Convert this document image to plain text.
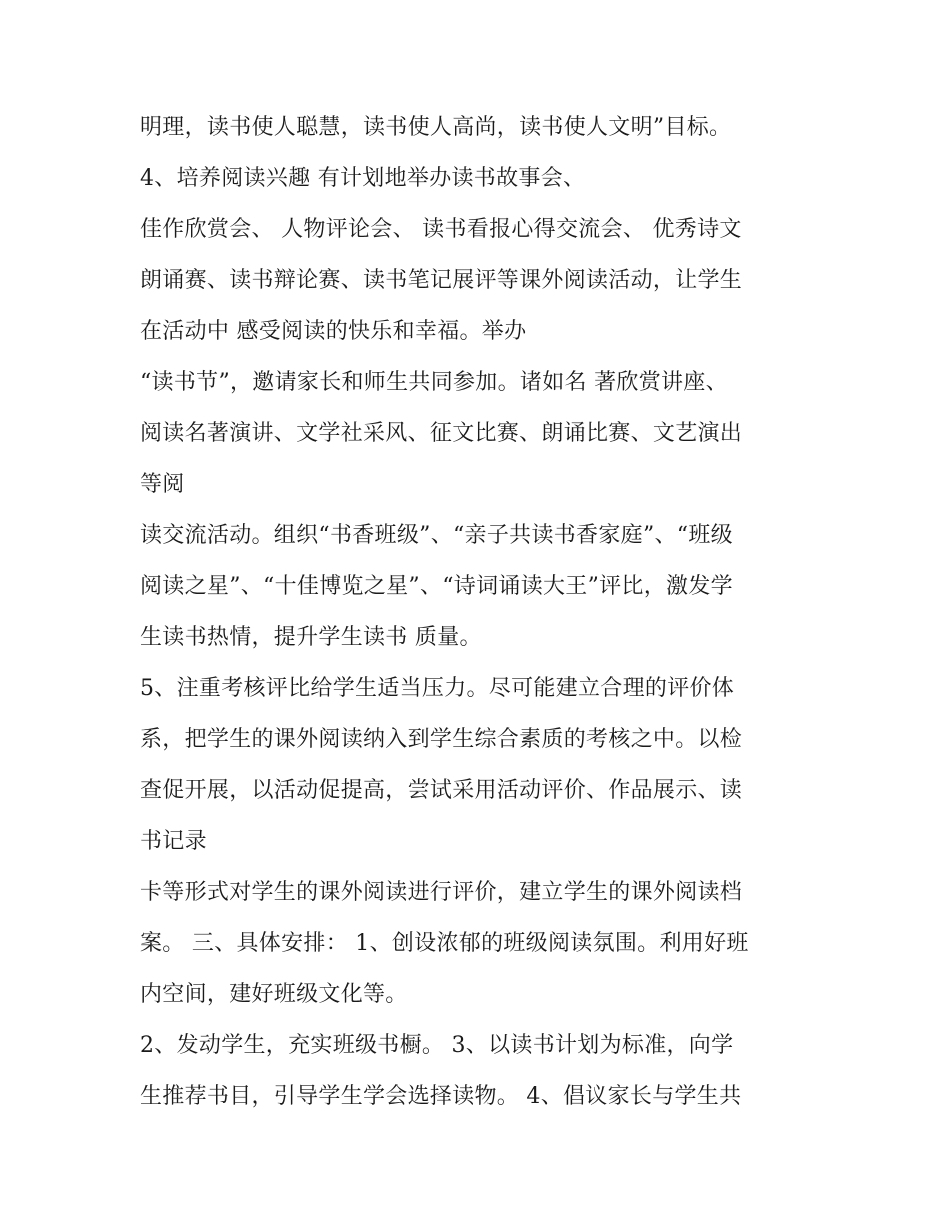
明理，读书使人聪慧，读书使人高尚，读书使人文明”目标。
4、培养阅读兴趣 有计划地举办读书故事会、
佳作欣赏会、 人物评论会、 读书看报心得交流会、 优秀诗文
朗诵赛、读书辩论赛、读书笔记展评等课外阅读活动，让学生
在活动中 感受阅读的快乐和幸福。举办
“读书节”，邀请家长和师生共同参加。诸如名 著欣赏讲座、
阅读名著演讲、文学社采风、征文比赛、朗诵比赛、文艺演出
等阅
读交流活动。组织“书香班级”、“亲子共读书香家庭”、“班级
阅读之星”、“十佳博览之星”、“诗词诵读大王”评比，激发学
生读书热情，提升学生读书 质量。
5、注重考核评比给学生适当压力。尽可能建立合理的评价体
系，把学生的课外阅读纳入到学生综合素质的考核之中。以检
查促开展，以活动促提高，尝试采用活动评价、作品展示、读
书记录
卡等形式对学生的课外阅读进行评价，建立学生的课外阅读档
案。 三、具体安排： 1、创设浓郁的班级阅读氛围。利用好班
内空间，建好班级文化等。
2、发动学生，充实班级书橱。 3、以读书计划为标准，向学
生推荐书目，引导学生学会选择读物。 4、倡议家长与学生共
